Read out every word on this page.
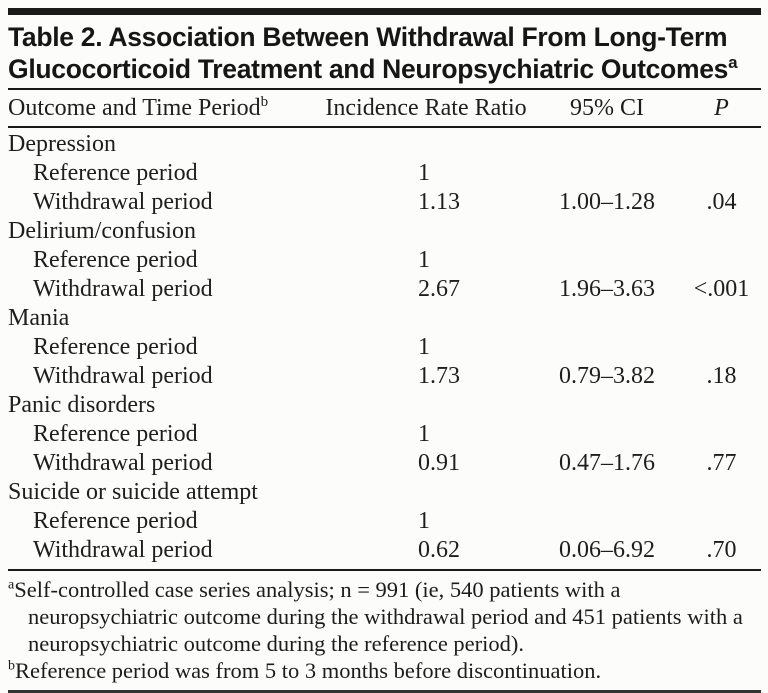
Table 2. Association Between Withdrawal From Long-Term
Glucocorticoid Treatment and Neuropsychiatric Outcomes$^a$
Outcome and Time Period$^b$	Incidence Rate Ratio	95% CI	P
Depression
Reference period	1
Withdrawal period	1.13	1.00–1.28	.04
Delirium/confusion
Reference period	1
Withdrawal period	2.67	1.96–3.63	<.001
Mania
Reference period	1
Withdrawal period	1.73	0.79–3.82	.18
Panic disorders
Reference period	1
Withdrawal period	0.91	0.47–1.76	.77
Suicide or suicide attempt
Reference period	1
Withdrawal period	0.62	0.06–6.92	.70
$^a$Self-controlled case series analysis; n = 991 (ie, 540 patients with a neuropsychiatric outcome during the withdrawal period and 451 patients with a neuropsychiatric outcome during the reference period).
$^b$Reference period was from 5 to 3 months before discontinuation.
